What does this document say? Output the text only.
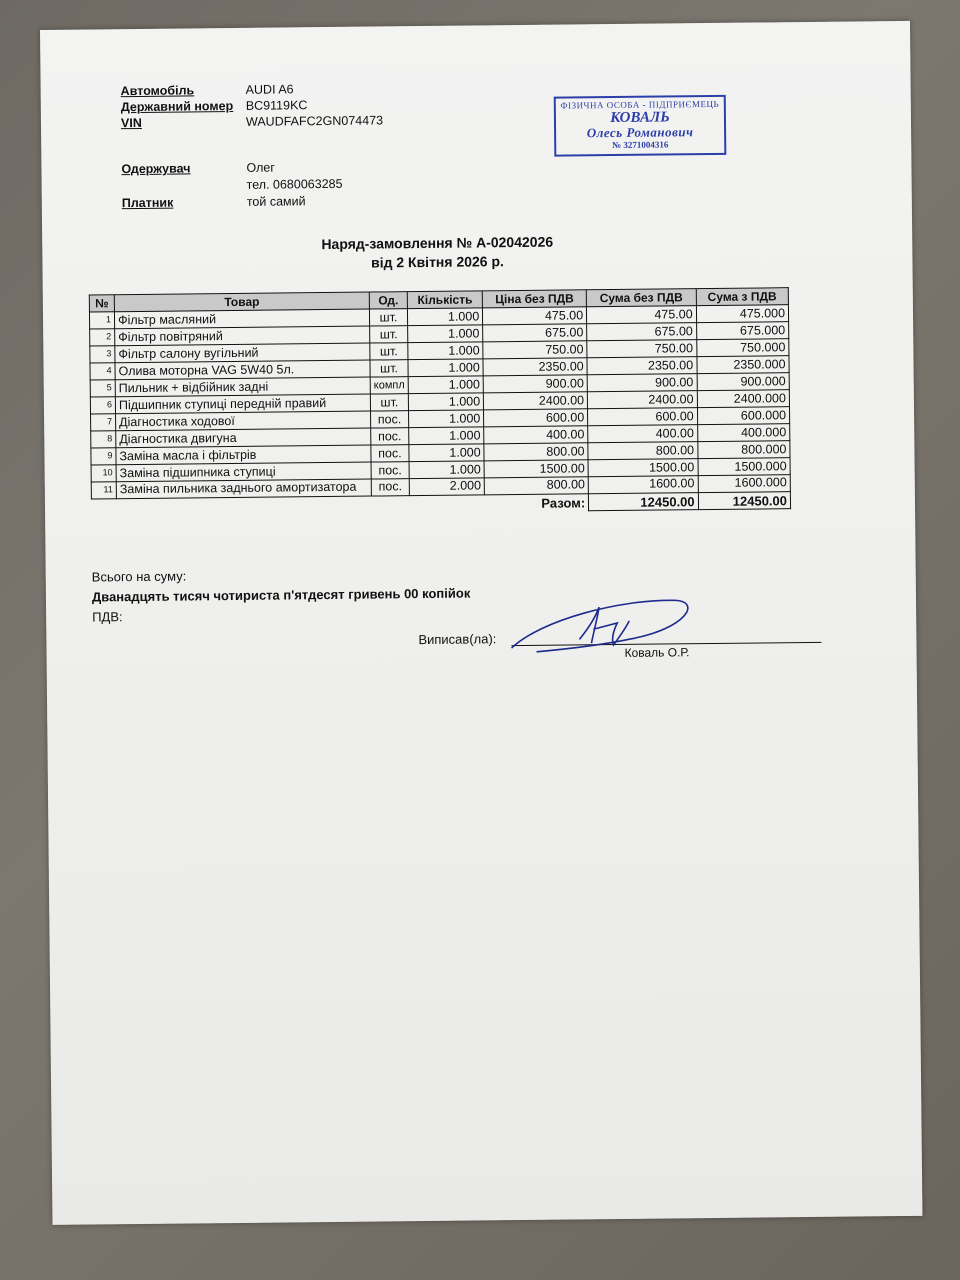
Автомобіль	AUDI A6
Державний номер BC9119KC
VIN	WAUDFAFC2GN074473
Одержувач	Олег
тел. 0680063285
Платник	той самий
ФІЗИЧНА ОСОБА - ПІДПРИЄМЕЦЬ
КОВАЛЬ
Олесь Романович
№ 3271004316
Наряд-замовлення № А-02042026
від 2 Квітня 2026 р.
№	Товар	Од.	Кількість	Ціна без ПДВ	Сума без ПДВ	Сума з ПДВ
1	Фільтр масляний	шт.	1.000	475.00	475.00	475.000
2	Фільтр повітряний	шт.	1.000	675.00	675.00	675.000
3	Фільтр салону вугільний	шт.	1.000	750.00	750.00	750.000
4	Олива моторна VAG 5W40 5л.	шт.	1.000	2350.00	2350.00	2350.000
5	Пильник + відбійник задні	компл	1.000	900.00	900.00	900.000
6	Підшипник ступиці передній правий	шт.	1.000	2400.00	2400.00	2400.000
7	Діагностика ходової	пос.	1.000	600.00	600.00	600.000
8	Діагностика двигуна	пос.	1.000	400.00	400.00	400.000
9	Заміна масла і фільтрів	пос.	1.000	800.00	800.00	800.000
10	Заміна підшипника ступиці	пос.	1.000	1500.00	1500.00	1500.000
11	Заміна пильника заднього амортизатора	пос.	2.000	800.00	1600.00	1600.000
Разом:					12450.00	12450.00
Всього на суму:
Дванадцять тисяч чотириста п'ятдесят гривень 00 копійок
ПДВ:
Виписав(ла):
Коваль О.Р.
